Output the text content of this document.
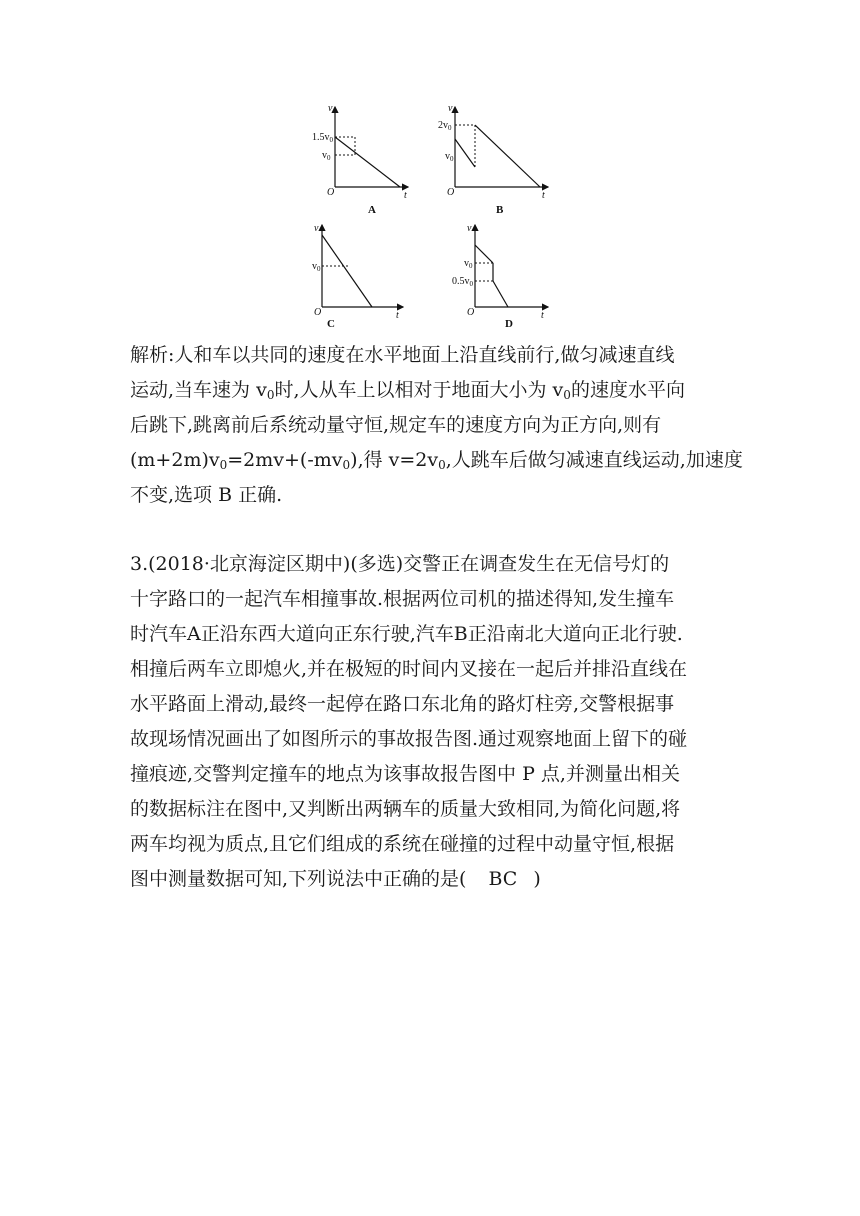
v
t
O
$1.5v_0$
$v_0$
A
v
t
O
$2v_0$
$v_0$
B
v
t
O
$v_0$
C
v
t
O
$v_0$
$0.5v_0$
D
解析:人和车以共同的速度在水平地面上沿直线前行,做匀减速直线
运动,当车速为 $v_0$时,人从车上以相对于地面大小为 $v_0$的速度水平向
后跳下,跳离前后系统动量守恒,规定车的速度方向为正方向,则有
$(m+2m)v_0=2mv+(-mv_0)$,得 $v=2v_0$,人跳车后做匀减速直线运动,加速度
不变,选项 B 正确.
3.(2018·北京海淀区期中)(多选)交警正在调查发生在无信号灯的
十字路口的一起汽车相撞事故.根据两位司机的描述得知,发生撞车
时汽车A正沿东西大道向正东行驶,汽车B正沿南北大道向正北行驶.
相撞后两车立即熄火,并在极短的时间内叉接在一起后并排沿直线在
水平路面上滑动,最终一起停在路口东北角的路灯柱旁,交警根据事
故现场情况画出了如图所示的事故报告图.通过观察地面上留下的碰
撞痕迹,交警判定撞车的地点为该事故报告图中 P 点,并测量出相关
的数据标注在图中,又判断出两辆车的质量大致相同,为简化问题,将
两车均视为质点,且它们组成的系统在碰撞的过程中动量守恒,根据
图中测量数据可知,下列说法中正确的是( BC )
